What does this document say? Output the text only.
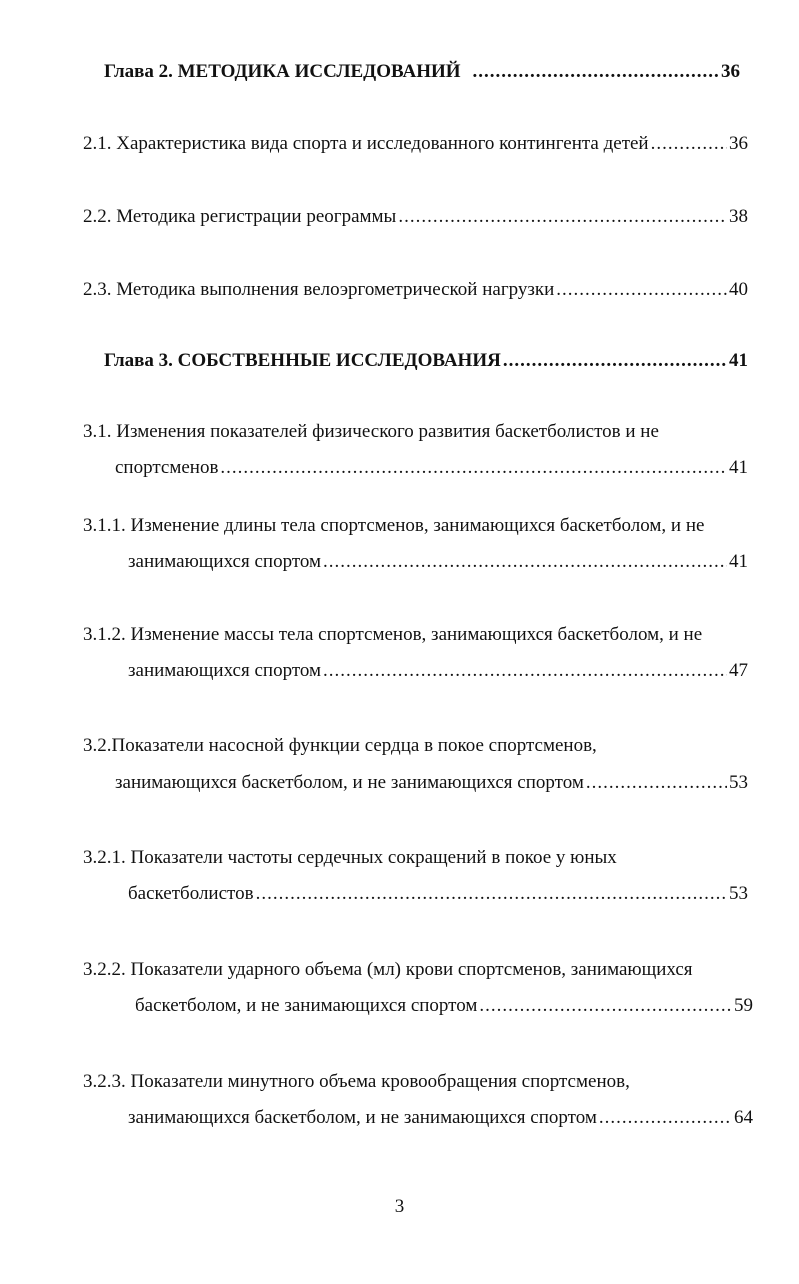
Глава 2. МЕТОДИКА ИССЛЕДОВАНИЙ .....	36
2.1. Характеристика вида спорта и исследованного контингента детей .....	36
2.2. Методика регистрации реограммы .....	38
2.3. Методика выполнения велоэргометрической нагрузки .....	40
Глава 3. СОБСТВЕННЫЕ ИССЛЕДОВАНИЯ .....	41
3.1. Изменения показателей физического развития баскетболистов и не
спортсменов .....	41
3.1.1. Изменение длины тела спортсменов, занимающихся баскетболом, и не
занимающихся спортом .....	41
3.1.2. Изменение массы тела спортсменов, занимающихся баскетболом, и не
занимающихся спортом .....	47
3.2.Показатели насосной функции сердца в покое спортсменов,
занимающихся баскетболом, и не занимающихся спортом .....	53
3.2.1. Показатели частоты сердечных сокращений в покое у юных
баскетболистов .....	53
3.2.2. Показатели ударного объема (мл) крови спортсменов, занимающихся
баскетболом, и не занимающихся спортом .....	59
3.2.3. Показатели минутного объема кровообращения спортсменов,
занимающихся баскетболом, и не занимающихся спортом .....	64
3
